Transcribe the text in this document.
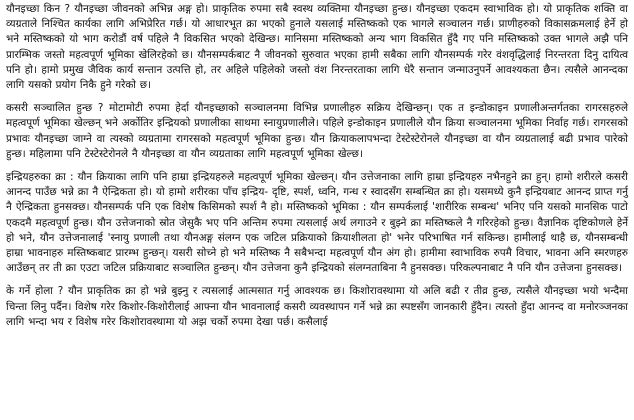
यौनइच्छा किन ? यौनइच्छा जीवनको अभिन्न अङ्ग हो। प्राकृतिक रुपमा सबै स्वस्थ व्यक्तिमा यौनइच्छा हुन्छ। यौनइच्छा एकदम स्वाभाविक हो। यो प्राकृतिक शक्ति वा व्यग्रताले निश्चित कार्यका लागि अभिप्रेरित गर्छ। यो आधारभूत क्रा भएको हुनाले यसलाई मस्तिष्कको एक भागले सञ्चालन गर्छ। प्राणीहरुको विकासक्रमलाई हेर्ने हो भने मस्तिष्कको यो भाग करोडौं वर्ष पहिले नै विकसित भएको देखिन्छ। मानिसमा मस्तिष्कको अन्य भाग विकसित हुँदै गए पनि मस्तिष्कको उक्त भागले अझै पनि प्रारम्भिक जस्तो महत्वपूर्ण भूमिका खेलिरहेको छ। यौनसम्पर्कबाट नै जीवनको सुरुवात भएका हामी सबैका लागि यौनसम्पर्क गरेर वंशवृद्धिलाई निरन्तरता दिनु दायित्व पनि हो। हामो प्रमुख जैविक कार्य सन्तान उत्पत्ति हो, तर अहिले पहिलेको जस्तो वंश निरन्तरताका लागि धेरै सन्तान जन्माउनुपर्ने आवश्यकता छैन। त्यसैले आनन्दका लागि यसको प्रयोग निकै हुने गरेको छ।

कसरी सञ्चालित हुन्छ ? मोटामोटी रुपमा हेर्दा यौनइच्छाको सञ्चालनमा विभिन्न प्रणालीहरु सक्रिय देखिन्छन्। एक त इन्डोकाइन प्रणालीअन्तर्गतका रागरसहरुले महत्वपूर्ण भूमिका खेल्छन् भने अर्कोतिर इन्द्रियको प्रणालीका साथमा स्नायुप्रणालीले। पहिले इन्डोकाइन प्रणालीले यौन क्रिया सञ्चालनमा भूमिका निर्वाह गर्छ। रागरसको प्रभावः यौनइच्छा जाग्ने वा त्यस्को व्यग्रतामा रागरसको महत्वपूर्ण भूमिका हुन्छ। यौन क्रियाकलापभन्दा टेस्टेस्टेरोनले यौनइच्छा वा यौन व्यग्रतालाई बढी प्रभाव पारेको हुन्छ। महिलामा पनि टेस्टेस्टेरोनले नै यौनइच्छा वा यौन व्यग्रताका लागि महत्वपूर्ण भूमिका खेल्छ।

इन्द्रियहरुका क्रा : यौन क्रियाका लागि पनि हाम्रा इन्द्रियहरुले महत्वपूर्ण भूमिका खेल्छन्। यौन उत्तेजनाका लागि हाम्रा इन्द्रियहरु नभैनहुने क्रा हुन्। हामो शरीरले कसरी आनन्द पाउँछ भन्ने क्रा नै ऐन्द्रिकता हो। यो हामो शरीरका पाँच इन्द्रिय- दृष्टि, स्पर्श, ध्वनि, गन्ध र स्वादसँग सम्बन्धित क्रा हो। यसमध्ये कुनै इन्द्रियबाट आनन्द प्राप्त गर्नु नै ऐन्द्रिकता हुनसक्छ। यौनसम्पर्क पनि एक विशेष किसिमको स्पर्श नै हो। मस्तिष्कको भूमिका : यौन सम्पर्कलाई 'शारीरिक सम्बन्ध' भनिए पनि यसको मानसिक पाटो एकदमै महत्वपूर्ण हुन्छ। यौन उत्तेजनाको स्रोत जेसुकै भए पनि अन्तिम रुपमा त्यसलाई अर्थ लगाउने र बुझ्ने क्रा मस्तिष्कले नै गरिरहेको हुन्छ। वैज्ञानिक दृष्टिकोणले हेर्ने हो भने, यौन उत्तेजनालाई 'स्नायु प्रणाली तथा यौनअङ्ग संलग्न एक जटिल प्रक्रियाको क्रियाशीलता हो' भनेर परिभाषित गर्न सकिन्छ। हामीलाई थाहै छ, यौनसम्बन्धी हाम्रा भावनाहरु मस्तिष्कबाट प्रारम्भ हुन्छन्। यसरी सोच्ने हो भने मस्तिष्क नै सबैभन्दा महत्वपूर्ण यौन अंग हो। हामीमा स्वाभाविक रुपमै विचार, भावना अनि स्मरणहरु आउँछन् तर ती क्रा एउटा जटिल प्रक्रियाबाट सञ्चालित हुन्छन्। यौन उत्तेजना कुनै इन्द्रियको संलग्नताबिना नै हुनसक्छ। परिकल्पनाबाट नै पनि यौन उत्तेजना हुनसक्छ।

के गर्ने होला ? यौन प्राकृतिक क्रा हो भन्ने बुझ्नु र त्यसलाई आत्मसात गर्नु आवश्यक छ। किशोरावस्थामा यो अलि बढी र तीव्र हुन्छ, त्यसैले यौनइच्छा भयो भन्दैमा चिन्ता लिनु पर्दैन। विशेष गरेर किशोर-किशोरीलाई आफ्ना यौन भावनालाई कसरी व्यवस्थापन गर्ने भन्ने क्रा स्पष्टसँग जानकारी हुँदैन। त्यस्तो हुँदा आनन्द वा मनोरञ्जनका लागि भन्दा भय र विशेष गरेर किशोरावस्थामा यो अझ चर्को रुपमा देखा पर्छ। कसैलाई
